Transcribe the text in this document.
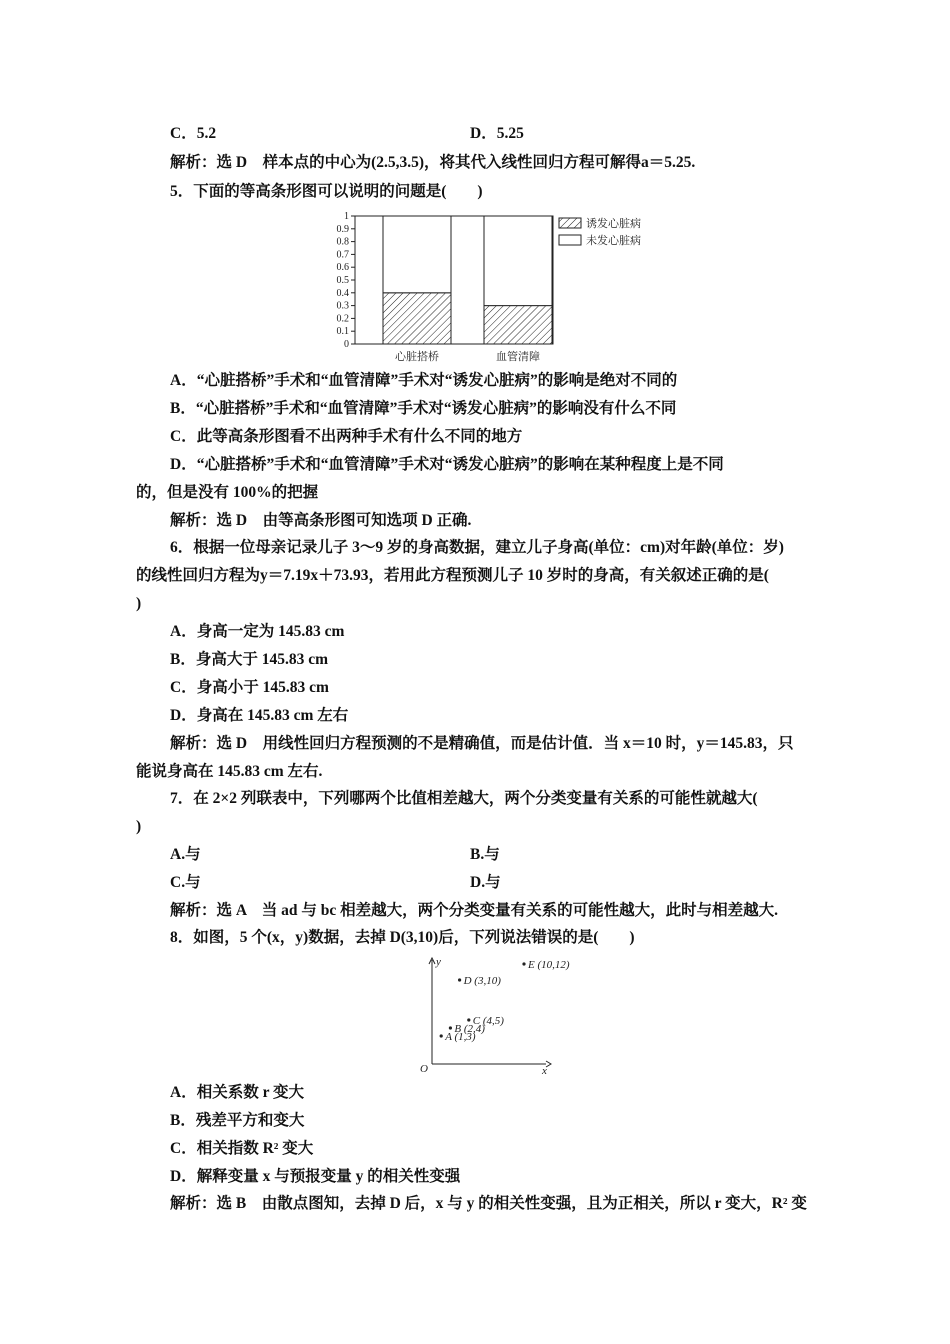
C．5.2	D．5.25
解析：选 D　样本点的中心为(2.5,3.5)，将其代入线性回归方程可解得a＝5.25.
5．下面的等高条形图可以说明的问题是(　　)
0
0.1
0.2
0.3
0.4
0.5
0.6
0.7
0.8
0.9
1
心脏搭桥	血管清障
诱发心脏病
未发心脏病
A．“心脏搭桥”手术和“血管清障”手术对“诱发心脏病”的影响是绝对不同的
B．“心脏搭桥”手术和“血管清障”手术对“诱发心脏病”的影响没有什么不同
C．此等高条形图看不出两种手术有什么不同的地方
D．“心脏搭桥”手术和“血管清障”手术对“诱发心脏病”的影响在某种程度上是不同
的，但是没有 100%的把握
解析：选 D　由等高条形图可知选项 D 正确.
6．根据一位母亲记录儿子 3～9 岁的身高数据，建立儿子身高(单位：cm)对年龄(单位：岁)
的线性回归方程为y＝7.19x＋73.93，若用此方程预测儿子 10 岁时的身高，有关叙述正确的是(
)
A．身高一定为 145.83 cm
B．身高大于 145.83 cm
C．身高小于 145.83 cm
D．身高在 145.83 cm 左右
解析：选 D　用线性回归方程预测的不是精确值，而是估计值．当 x＝10 时，y＝145.83，只
能说身高在 145.83 cm 左右.
7．在 2×2 列联表中，下列哪两个比值相差越大，两个分类变量有关系的可能性就越大(
)
A.与	B.与
C.与	D.与
解析：选 A　当 ad 与 bc 相差越大，两个分类变量有关系的可能性越大，此时与相差越大.
8．如图，5 个(x，y)数据，去掉 D(3,10)后，下列说法错误的是(　　)
O	x
y
A (1,3)
B (2,4)
C (4,5)
D (3,10)
E (10,12)
A．相关系数 r 变大
B．残差平方和变大
C．相关指数 R² 变大
D．解释变量 x 与预报变量 y 的相关性变强
解析：选 B　由散点图知，去掉 D 后，x 与 y 的相关性变强，且为正相关，所以 r 变大，R² 变
